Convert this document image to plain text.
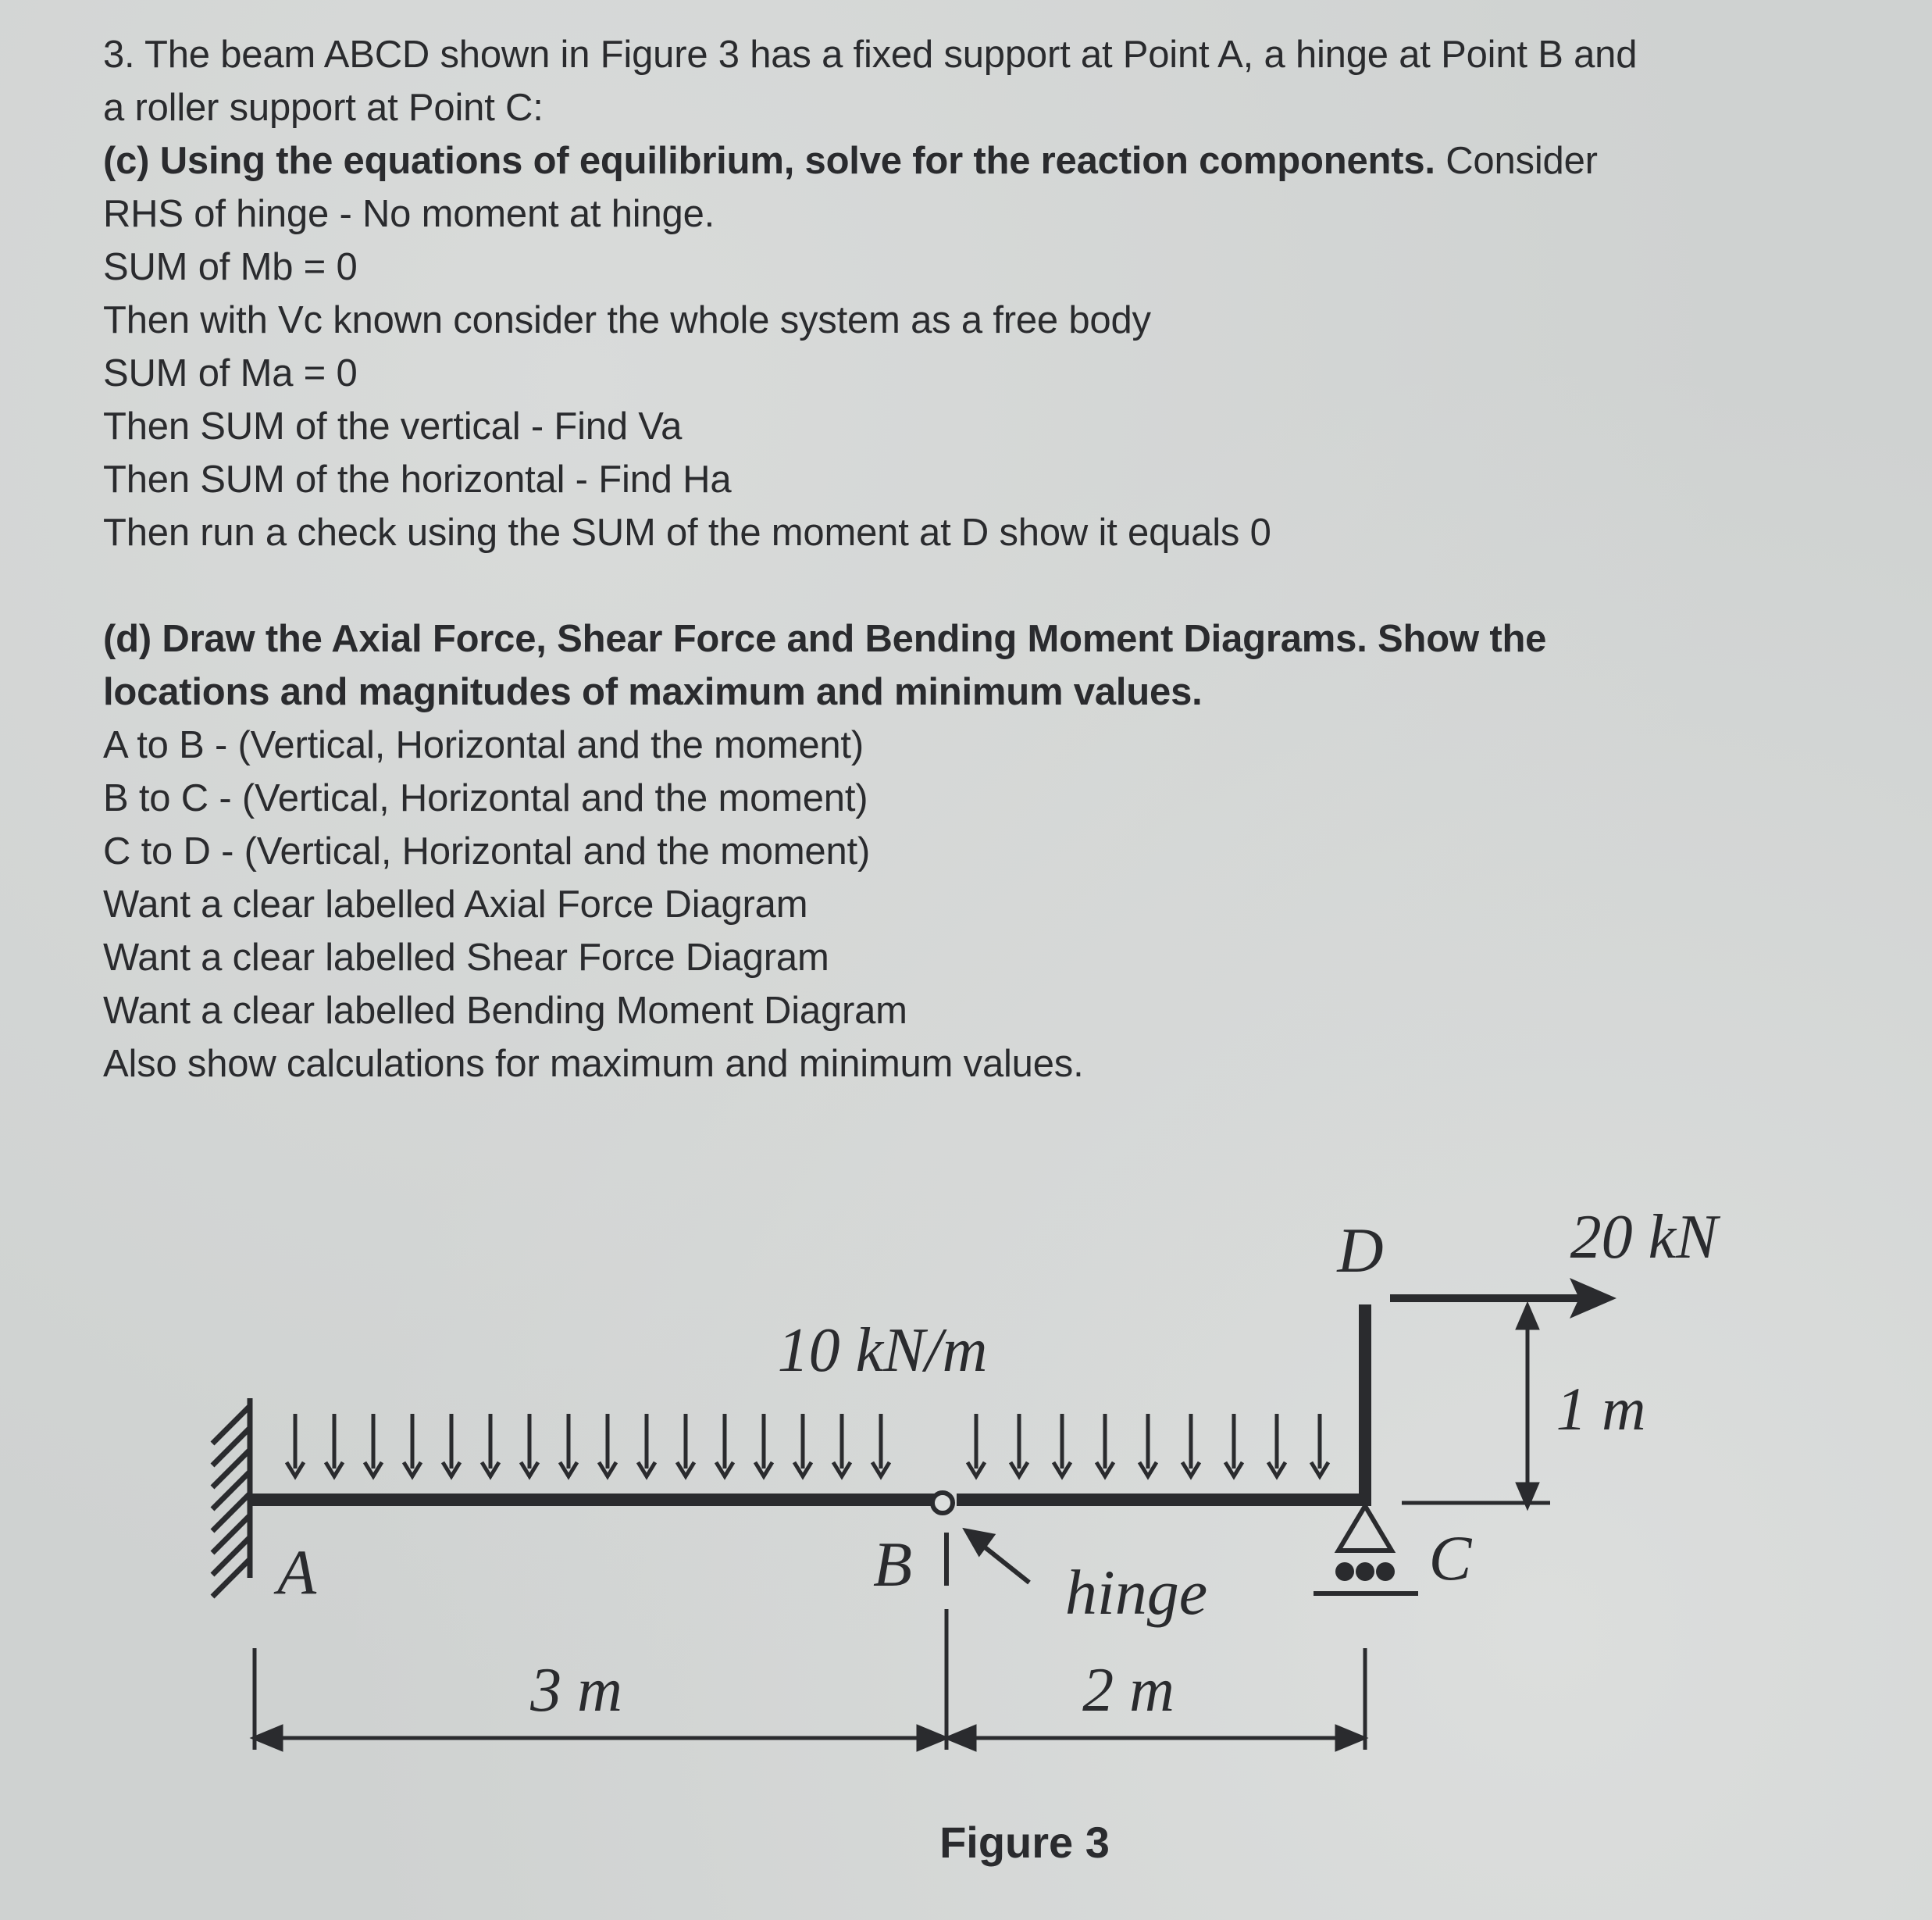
3. The beam ABCD shown in Figure 3 has a fixed support at Point A, a hinge at Point B and
a roller support at Point C:
(c) Using the equations of equilibrium, solve for the reaction components. Consider
RHS of hinge - No moment at hinge.
SUM of Mb = 0
Then with Vc known consider the whole system as a free body
SUM of Ma = 0
Then SUM of the vertical - Find Va
Then SUM of the horizontal - Find Ha
Then run a check using the SUM of the moment at D show it equals 0
(d) Draw the Axial Force, Shear Force and Bending Moment Diagrams. Show the
locations and magnitudes of maximum and minimum values.
A to B - (Vertical, Horizontal and the moment)
B to C - (Vertical, Horizontal and the moment)
C to D - (Vertical, Horizontal and the moment)
Want a clear labelled Axial Force Diagram
Want a clear labelled Shear Force Diagram
Want a clear labelled Bending Moment Diagram
Also show calculations for maximum and minimum values.
10 kN/m
20 kN
1 m
D
A	B	C
hinge
3 m	2 m
Figure 3
